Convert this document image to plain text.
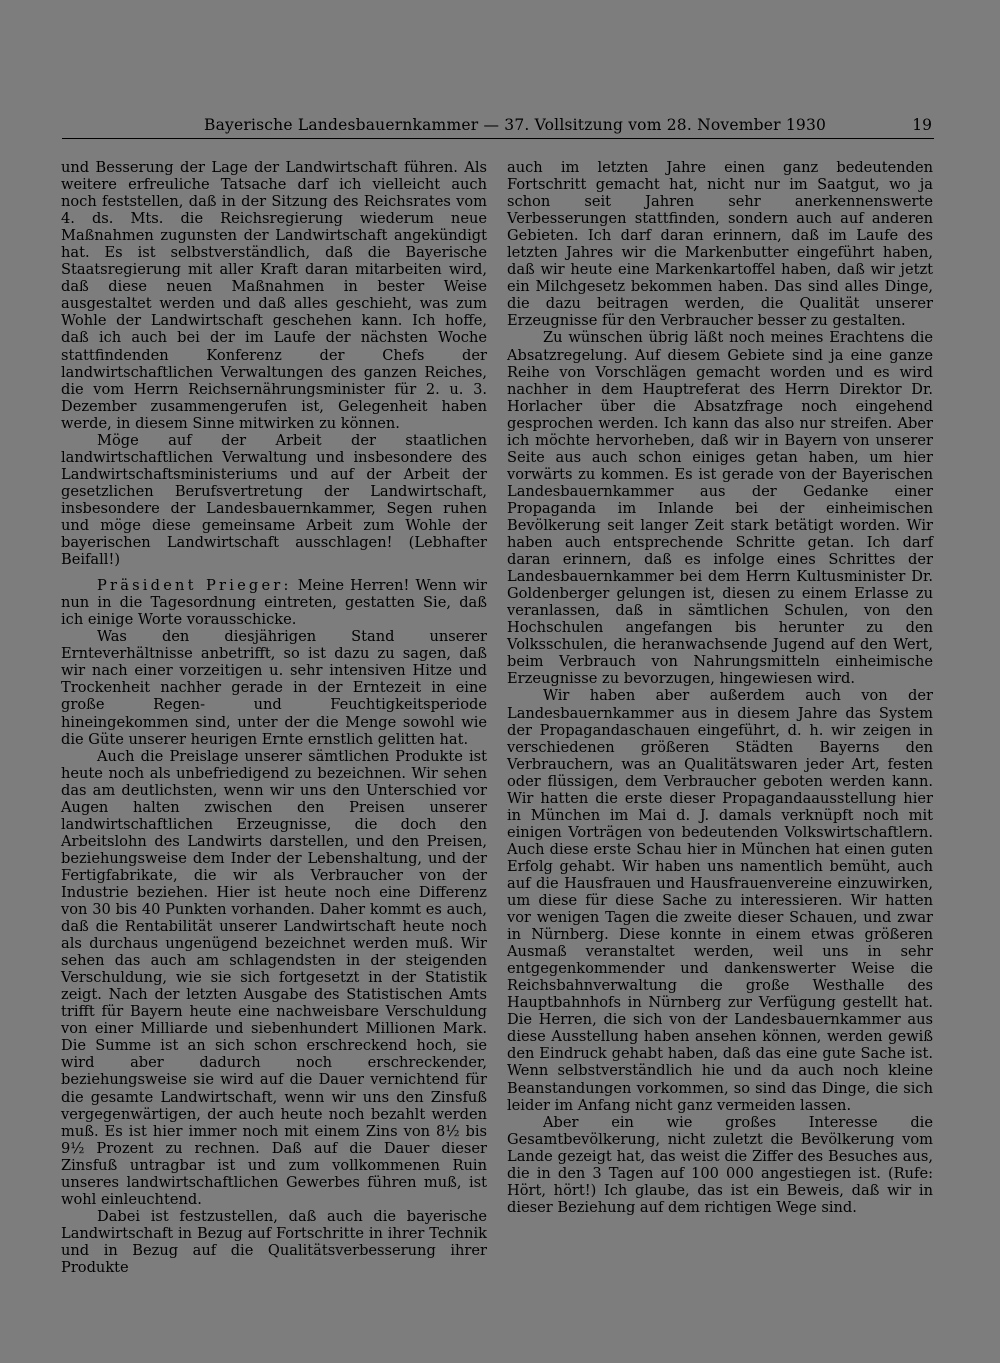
Bayerische Landesbauernkammer — 37. Vollsitzung vom 28. November 1930	19

und Besserung der Lage der Landwirtschaft führen. Als weitere erfreuliche Tatsache darf ich vielleicht auch noch feststellen, daß in der Sitzung des Reichsrates vom 4. ds. Mts. die Reichsregierung wiederum neue Maßnahmen zugunsten der Landwirtschaft angekündigt hat. Es ist selbstverständlich, daß die Bayerische Staatsregierung mit aller Kraft daran mitarbeiten wird, daß diese neuen Maßnahmen in bester Weise ausgestaltet werden und daß alles geschieht, was zum Wohle der Landwirtschaft geschehen kann. Ich hoffe, daß ich auch bei der im Laufe der nächsten Woche stattfindenden Konferenz der Chefs der landwirtschaftlichen Verwaltungen des ganzen Reiches, die vom Herrn Reichsernährungsminister für 2. u. 3. Dezember zusammengerufen ist, Gelegenheit haben werde, in diesem Sinne mitwirken zu können.

Möge auf der Arbeit der staatlichen landwirtschaftlichen Verwaltung und insbesondere des Landwirtschaftsministeriums und auf der Arbeit der gesetzlichen Berufsvertretung der Landwirtschaft, insbesondere der Landesbauernkammer, Segen ruhen und möge diese gemeinsame Arbeit zum Wohle der bayerischen Landwirtschaft ausschlagen! (Lebhafter Beifall!)

Präsident Prieger: Meine Herren! Wenn wir nun in die Tagesordnung eintreten, gestatten Sie, daß ich einige Worte vorausschicke.

Was den diesjährigen Stand unserer Ernteverhältnisse anbetrifft, so ist dazu zu sagen, daß wir nach einer vorzeitigen u. sehr intensiven Hitze und Trockenheit nachher gerade in der Erntezeit in eine große Regen- und Feuchtigkeitsperiode hineingekommen sind, unter der die Menge sowohl wie die Güte unserer heurigen Ernte ernstlich gelitten hat.

Auch die Preislage unserer sämtlichen Produkte ist heute noch als unbefriedigend zu bezeichnen. Wir sehen das am deutlichsten, wenn wir uns den Unterschied vor Augen halten zwischen den Preisen unserer landwirtschaftlichen Erzeugnisse, die doch den Arbeitslohn des Landwirts darstellen, und den Preisen, beziehungsweise dem Inder der Lebenshaltung, und der Fertigfabrikate, die wir als Verbraucher von der Industrie beziehen. Hier ist heute noch eine Differenz von 30 bis 40 Punkten vorhanden. Daher kommt es auch, daß die Rentabilität unserer Landwirtschaft heute noch als durchaus ungenügend bezeichnet werden muß. Wir sehen das auch am schlagendsten in der steigenden Verschuldung, wie sie sich fortgesetzt in der Statistik zeigt. Nach der letzten Ausgabe des Statistischen Amts trifft für Bayern heute eine nachweisbare Verschuldung von einer Milliarde und siebenhundert Millionen Mark. Die Summe ist an sich schon erschreckend hoch, sie wird aber dadurch noch erschreckender, beziehungsweise sie wird auf die Dauer vernichtend für die gesamte Landwirtschaft, wenn wir uns den Zinsfuß vergegenwärtigen, der auch heute noch bezahlt werden muß. Es ist hier immer noch mit einem Zins von 8½ bis 9½ Prozent zu rechnen. Daß auf die Dauer dieser Zinsfuß untragbar ist und zum vollkommenen Ruin unseres landwirtschaftlichen Gewerbes führen muß, ist wohl einleuchtend.

Dabei ist festzustellen, daß auch die bayerische Landwirtschaft in Bezug auf Fortschritte in ihrer Technik und in Bezug auf die Qualitätsverbesserung ihrer Produkte

auch im letzten Jahre einen ganz bedeutenden Fortschritt gemacht hat, nicht nur im Saatgut, wo ja schon seit Jahren sehr anerkennenswerte Verbesserungen stattfinden, sondern auch auf anderen Gebieten. Ich darf daran erinnern, daß im Laufe des letzten Jahres wir die Markenbutter eingeführt haben, daß wir heute eine Markenkartoffel haben, daß wir jetzt ein Milchgesetz bekommen haben. Das sind alles Dinge, die dazu beitragen werden, die Qualität unserer Erzeugnisse für den Verbraucher besser zu gestalten.

Zu wünschen übrig läßt noch meines Erachtens die Absatzregelung. Auf diesem Gebiete sind ja eine ganze Reihe von Vorschlägen gemacht worden und es wird nachher in dem Hauptreferat des Herrn Direktor Dr. Horlacher über die Absatzfrage noch eingehend gesprochen werden. Ich kann das also nur streifen. Aber ich möchte hervorheben, daß wir in Bayern von unserer Seite aus auch schon einiges getan haben, um hier vorwärts zu kommen. Es ist gerade von der Bayerischen Landesbauernkammer aus der Gedanke einer Propaganda im Inlande bei der einheimischen Bevölkerung seit langer Zeit stark betätigt worden. Wir haben auch entsprechende Schritte getan. Ich darf daran erinnern, daß es infolge eines Schrittes der Landesbauernkammer bei dem Herrn Kultusminister Dr. Goldenberger gelungen ist, diesen zu einem Erlasse zu veranlassen, daß in sämtlichen Schulen, von den Hochschulen angefangen bis herunter zu den Volksschulen, die heranwachsende Jugend auf den Wert, beim Verbrauch von Nahrungsmitteln einheimische Erzeugnisse zu bevorzugen, hingewiesen wird.

Wir haben aber außerdem auch von der Landesbauernkammer aus in diesem Jahre das System der Propagandaschauen eingeführt, d. h. wir zeigen in verschiedenen größeren Städten Bayerns den Verbrauchern, was an Qualitätswaren jeder Art, festen oder flüssigen, dem Verbraucher geboten werden kann. Wir hatten die erste dieser Propagandaausstellung hier in München im Mai d. J. damals verknüpft noch mit einigen Vorträgen von bedeutenden Volkswirtschaftlern. Auch diese erste Schau hier in München hat einen guten Erfolg gehabt. Wir haben uns namentlich bemüht, auch auf die Hausfrauen und Hausfrauenvereine einzuwirken, um diese für diese Sache zu interessieren. Wir hatten vor wenigen Tagen die zweite dieser Schauen, und zwar in Nürnberg. Diese konnte in einem etwas größeren Ausmaß veranstaltet werden, weil uns in sehr entgegenkommender und dankenswerter Weise die Reichsbahnverwaltung die große Westhalle des Hauptbahnhofs in Nürnberg zur Verfügung gestellt hat. Die Herren, die sich von der Landesbauernkammer aus diese Ausstellung haben ansehen können, werden gewiß den Eindruck gehabt haben, daß das eine gute Sache ist. Wenn selbstverständlich hie und da auch noch kleine Beanstandungen vorkommen, so sind das Dinge, die sich leider im Anfang nicht ganz vermeiden lassen.

Aber ein wie großes Interesse die Gesamtbevölkerung, nicht zuletzt die Bevölkerung vom Lande gezeigt hat, das weist die Ziffer des Besuches aus, die in den 3 Tagen auf 100 000 angestiegen ist. (Rufe: Hört, hört!) Ich glaube, das ist ein Beweis, daß wir in dieser Beziehung auf dem richtigen Wege sind.
